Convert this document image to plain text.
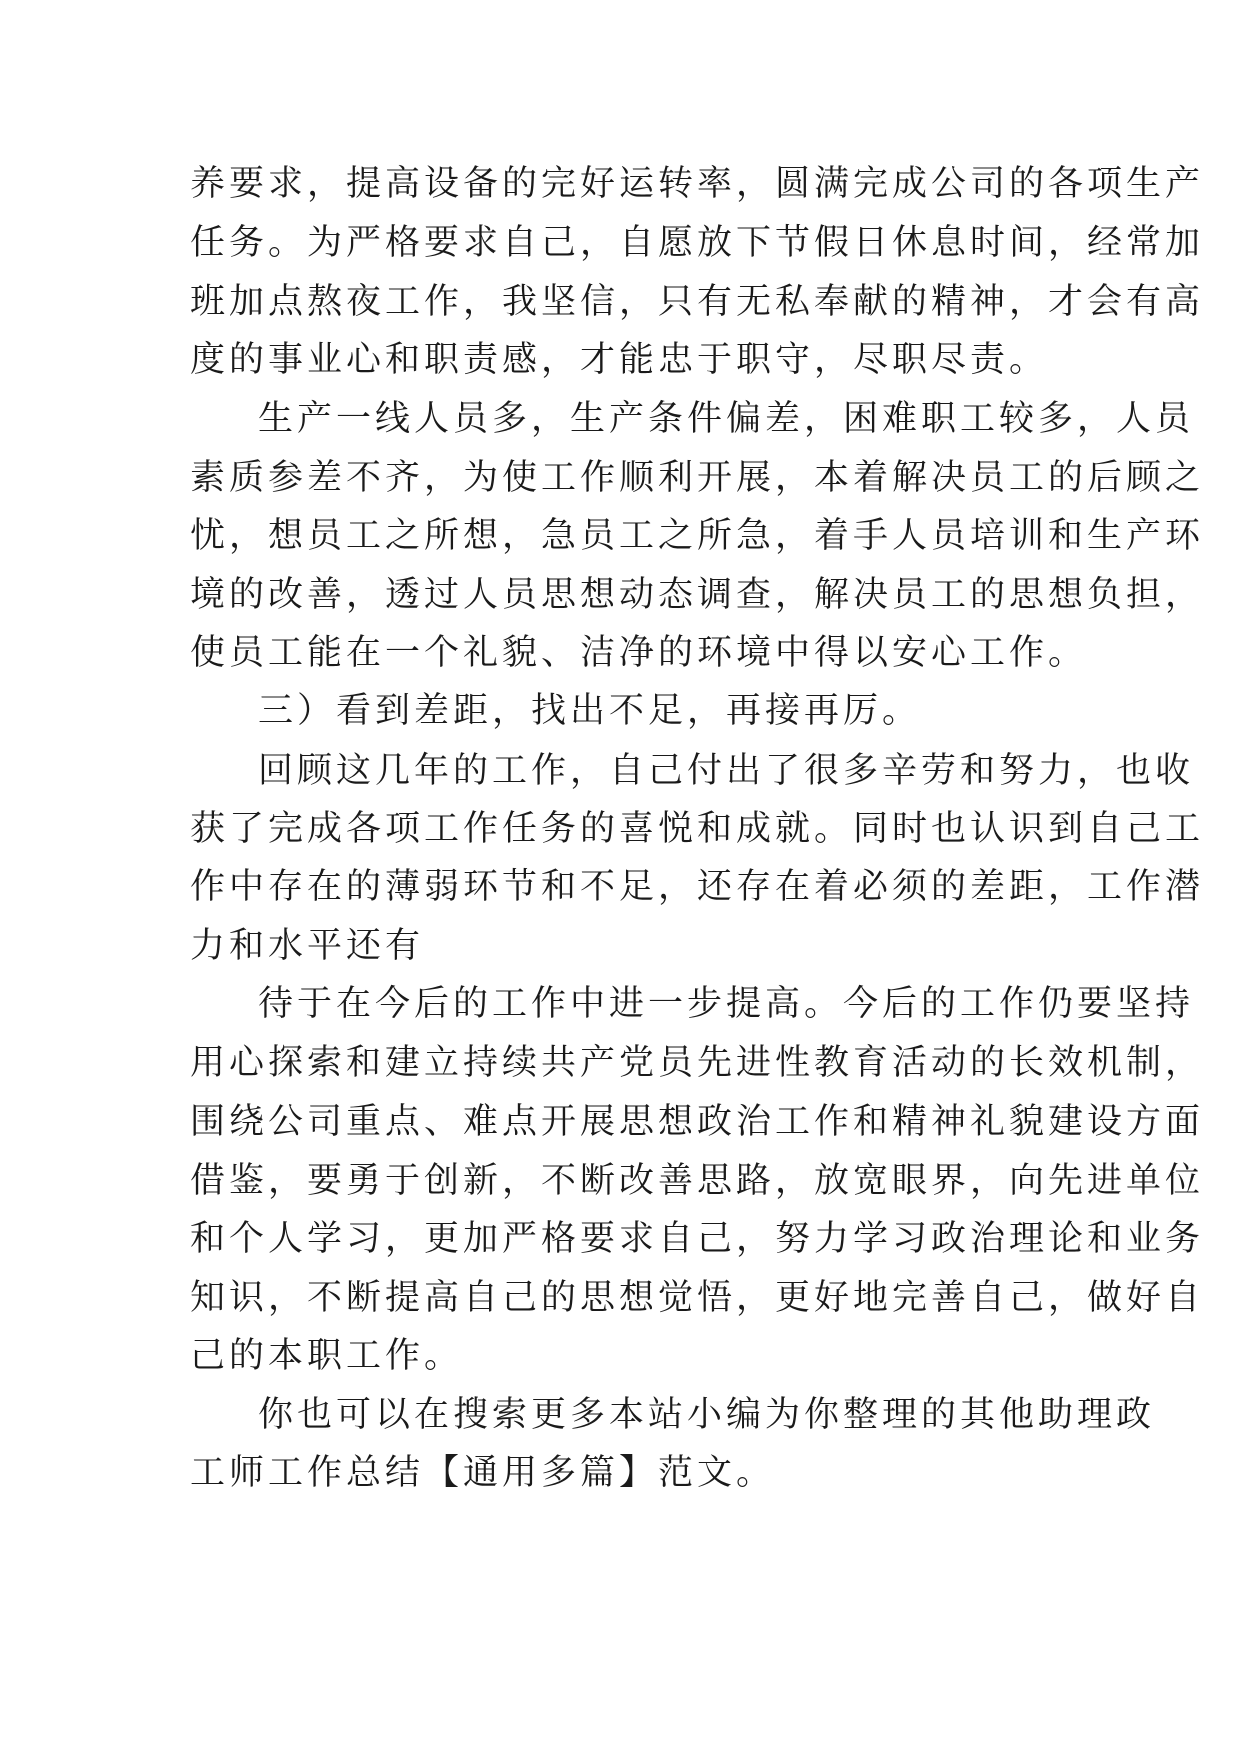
养要求，提高设备的完好运转率，圆满完成公司的各项生产
任务。为严格要求自己，自愿放下节假日休息时间，经常加
班加点熬夜工作，我坚信，只有无私奉献的精神，才会有高
度的事业心和职责感，才能忠于职守，尽职尽责。
生产一线人员多，生产条件偏差，困难职工较多，人员
素质参差不齐，为使工作顺利开展，本着解决员工的后顾之
忧，想员工之所想，急员工之所急，着手人员培训和生产环
境的改善，透过人员思想动态调查，解决员工的思想负担，
使员工能在一个礼貌、洁净的环境中得以安心工作。
三）看到差距，找出不足，再接再厉。
回顾这几年的工作，自己付出了很多辛劳和努力，也收
获了完成各项工作任务的喜悦和成就。同时也认识到自己工
作中存在的薄弱环节和不足，还存在着必须的差距，工作潜
力和水平还有
待于在今后的工作中进一步提高。今后的工作仍要坚持
用心探索和建立持续共产党员先进性教育活动的长效机制，
围绕公司重点、难点开展思想政治工作和精神礼貌建设方面
借鉴，要勇于创新，不断改善思路，放宽眼界，向先进单位
和个人学习，更加严格要求自己，努力学习政治理论和业务
知识，不断提高自己的思想觉悟，更好地完善自己，做好自
己的本职工作。
你也可以在搜索更多本站小编为你整理的其他助理政
工师工作总结【通用多篇】范文。
